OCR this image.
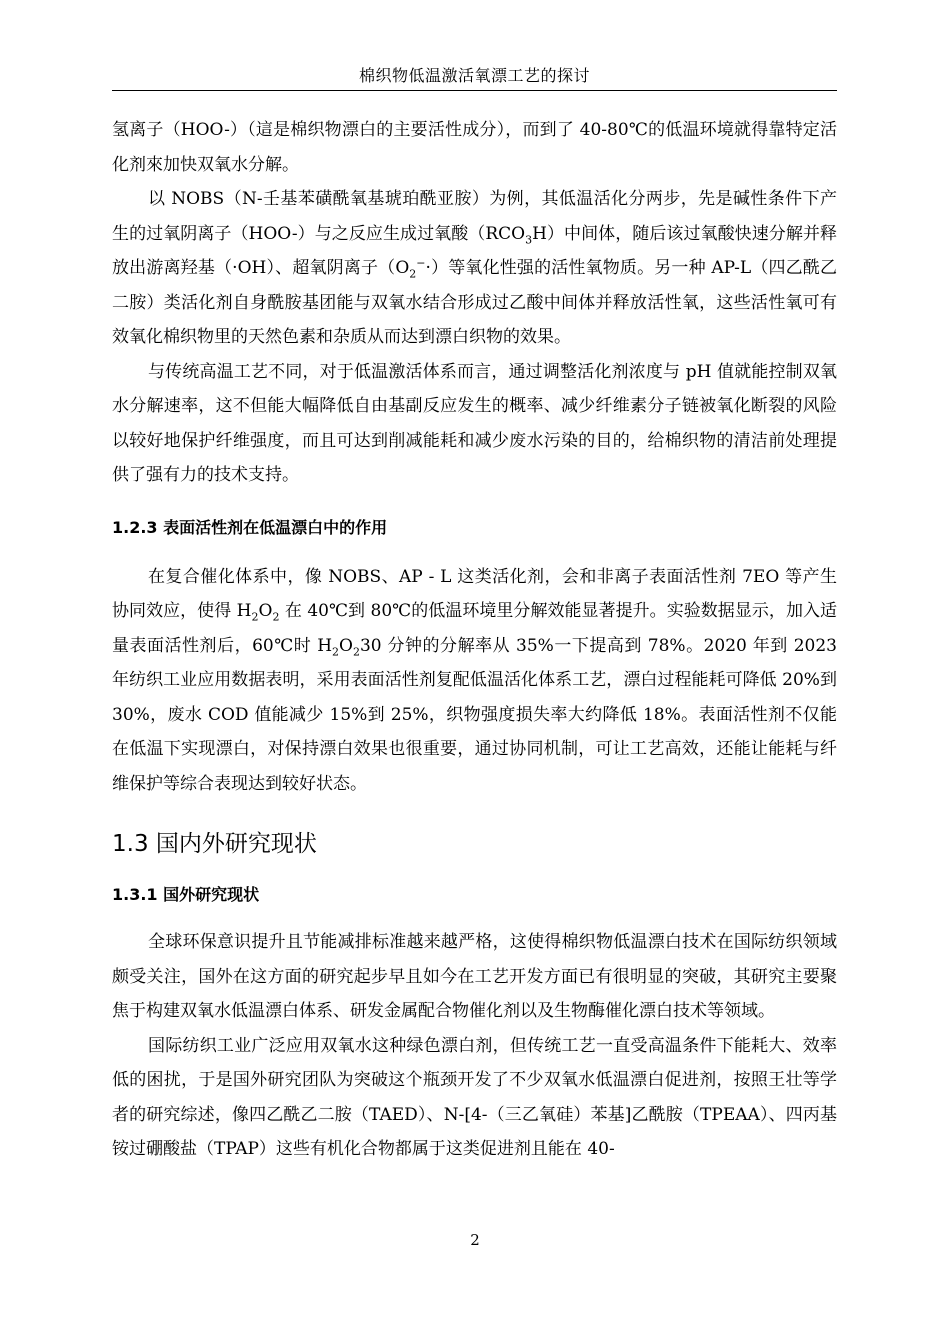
棉织物低温激活氧漂工艺的探讨

氢离子（HOO-）（這是棉织物漂白的主要活性成分），而到了 40-80℃的低温环境就得靠特定活化剂來加快双氧水分解。

以 NOBS（N-壬基苯磺酰氧基琥珀酰亚胺）为例，其低温活化分两步，先是碱性条件下产生的过氧阴离子（HOO-）与之反应生成过氧酸$(RCO_3H)$中间体，随后该过氧酸快速分解并释放出游离羟基（·OH）、超氧阴离子$(O_2^-\cdot)$等氧化性强的活性氧物质。另一种 AP-L（四乙酰乙二胺）类活化剂自身酰胺基团能与双氧水结合形成过乙酸中间体并释放活性氧，这些活性氧可有效氧化棉织物里的天然色素和杂质从而达到漂白织物的效果。

与传统高温工艺不同，对于低温激活体系而言，通过调整活化剂浓度与 pH 值就能控制双氧水分解速率，这不但能大幅降低自由基副反应发生的概率、减少纤维素分子链被氧化断裂的风险以较好地保护纤维强度，而且可达到削减能耗和减少废水污染的目的，给棉织物的清洁前处理提供了强有力的技术支持。

1.2.3 表面活性剂在低温漂白中的作用

在复合催化体系中，像 NOBS、AP - L 这类活化剂，会和非离子表面活性剂 7EO 等产生协同效应，使得 $H_2O_2$ 在 40℃到 80℃的低温环境里分解效能显著提升。实验数据显示，加入适量表面活性剂后，60℃时 $H_2O_230$ 分钟的分解率从 35%一下提高到 78%。2020 年到 2023 年纺织工业应用数据表明，采用表面活性剂复配低温活化体系工艺，漂白过程能耗可降低 20%到 30%，废水 COD 值能减少 15%到 25%，织物强度损失率大约降低 18%。表面活性剂不仅能在低温下实现漂白，对保持漂白效果也很重要，通过协同机制，可让工艺高效，还能让能耗与纤维保护等综合表现达到较好状态。

1.3 国内外研究现状

1.3.1 国外研究现状

全球环保意识提升且节能减排标准越来越严格，这使得棉织物低温漂白技术在国际纺织领域颇受关注，国外在这方面的研究起步早且如今在工艺开发方面已有很明显的突破，其研究主要聚焦于构建双氧水低温漂白体系、研发金属配合物催化剂以及生物酶催化漂白技术等领域。

国际纺织工业广泛应用双氧水这种绿色漂白剂，但传统工艺一直受高温条件下能耗大、效率低的困扰，于是国外研究团队为突破这个瓶颈开发了不少双氧水低温漂白促进剂，按照王壮等学者的研究综述，像四乙酰乙二胺（TAED）、N-[4-（三乙氧硅）苯基]乙酰胺（TPEAA）、四丙基铵过硼酸盐（TPAP）这些有机化合物都属于这类促进剂且能在 40-

2
